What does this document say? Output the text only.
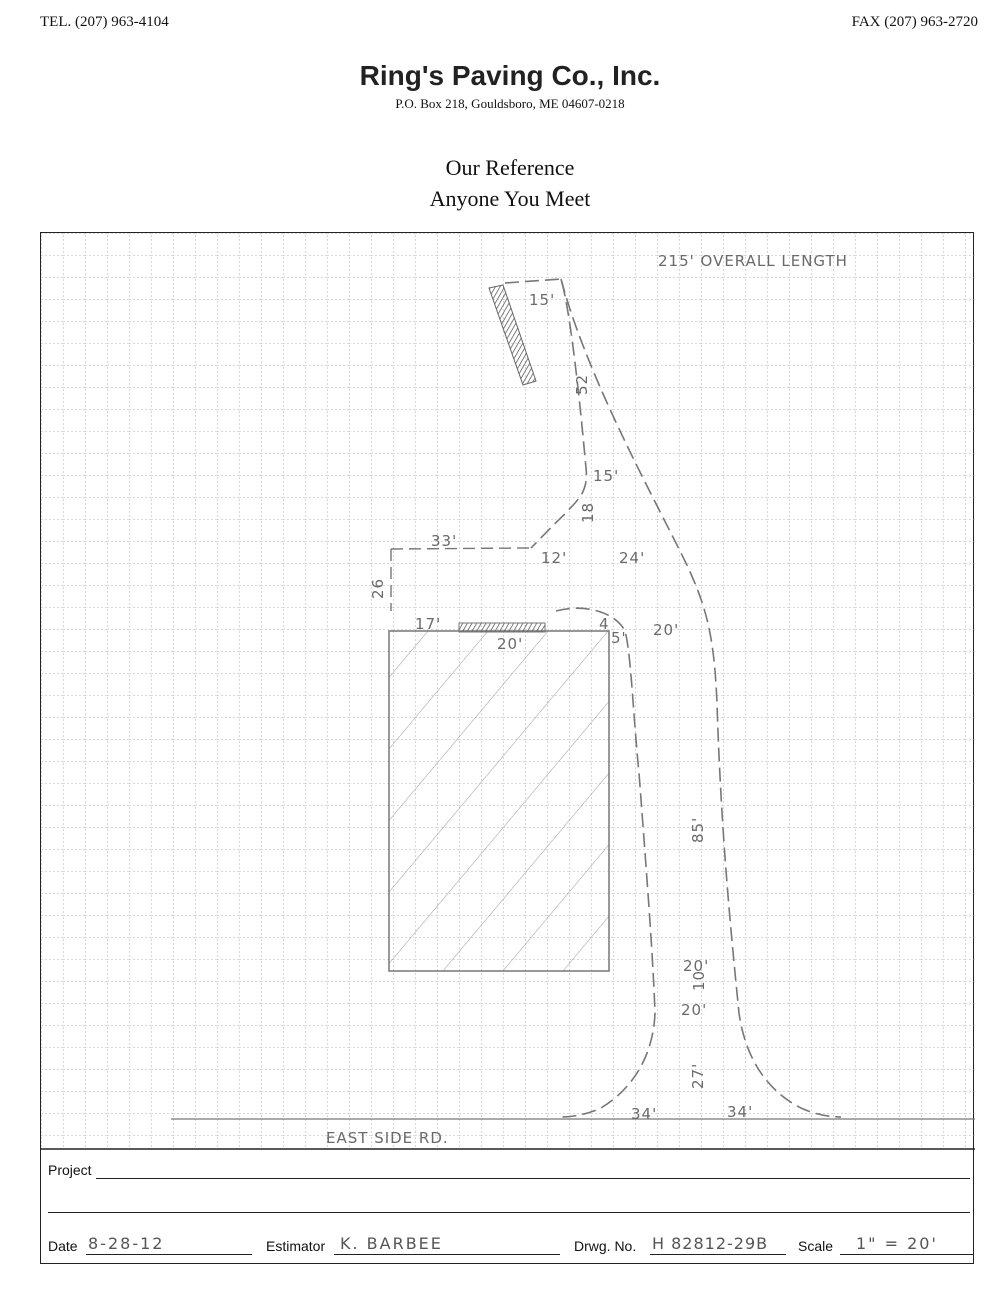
TEL. (207) 963-4104	FAX (207) 963-2720
Ring's Paving Co., Inc.
P.O. Box 218, Gouldsboro, ME 04607-0218
Our Reference
Anyone You Meet
215' OVERALL LENGTH
15'
52
15'
18
33'
12'	24'
26
17'
20'
4
5' 20'
85'
20'
10
20'
27'
34'	34'
EAST SIDE RD.
Project
Date 8-28-12	Estimator K. BARBEE	Drwg. No. H 82812-29B Scale 1" = 20'
